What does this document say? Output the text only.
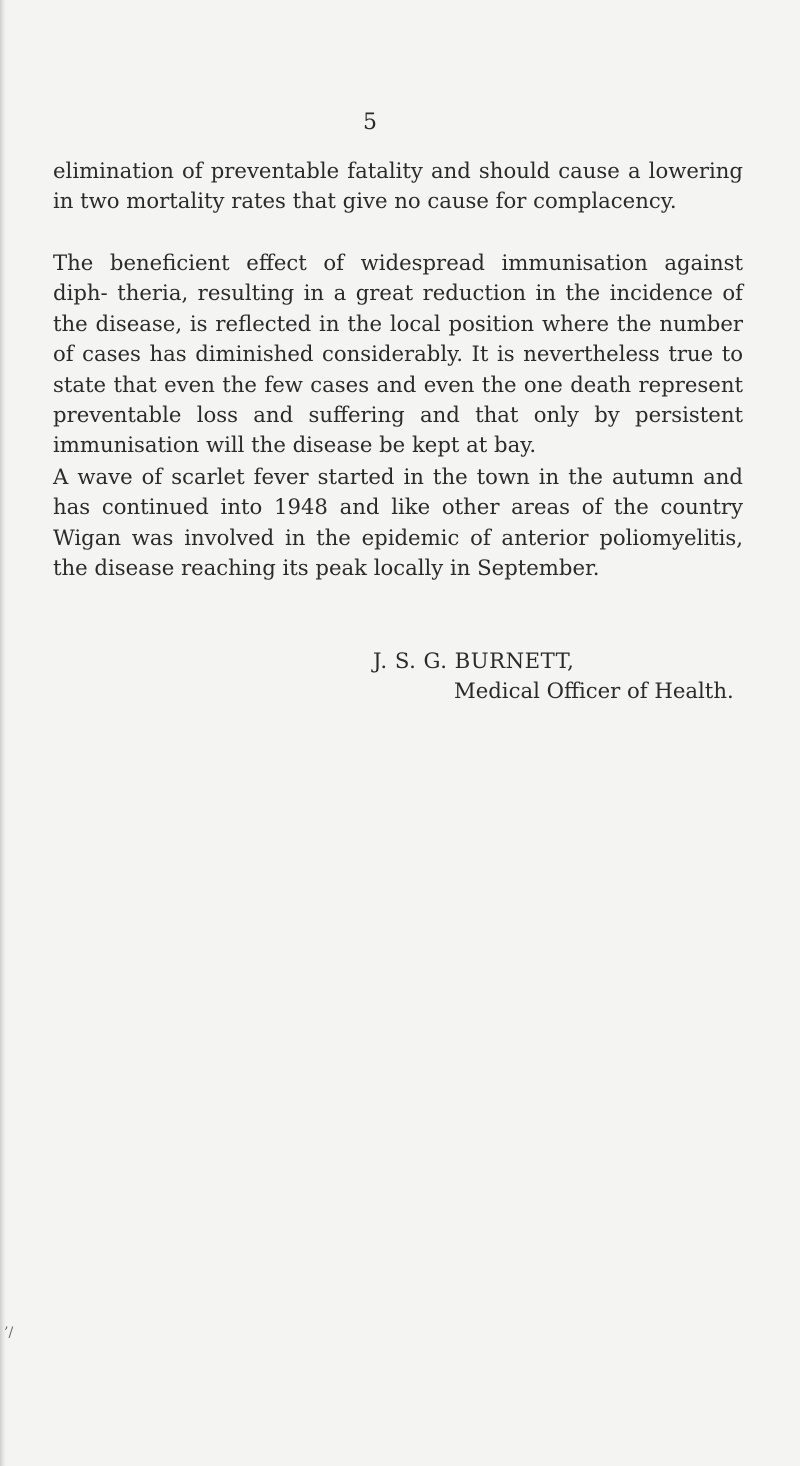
5

elimination of preventable fatality and should cause a lowering in two mortality rates that give no cause for complacency.

The beneficient effect of widespread immunisation against diph- theria, resulting in a great reduction in the incidence of the disease, is reflected in the local position where the number of cases has diminished considerably. It is nevertheless true to state that even the few cases and even the one death represent preventable loss and suffering and that only by persistent immunisation will the disease be kept at bay.

A wave of scarlet fever started in the town in the autumn and has continued into 1948 and like other areas of the country Wigan was involved in the epidemic of anterior poliomyelitis, the disease reaching its peak locally in September.

J. S. G. BURNETT,
Medical Officer of Health.
’/
